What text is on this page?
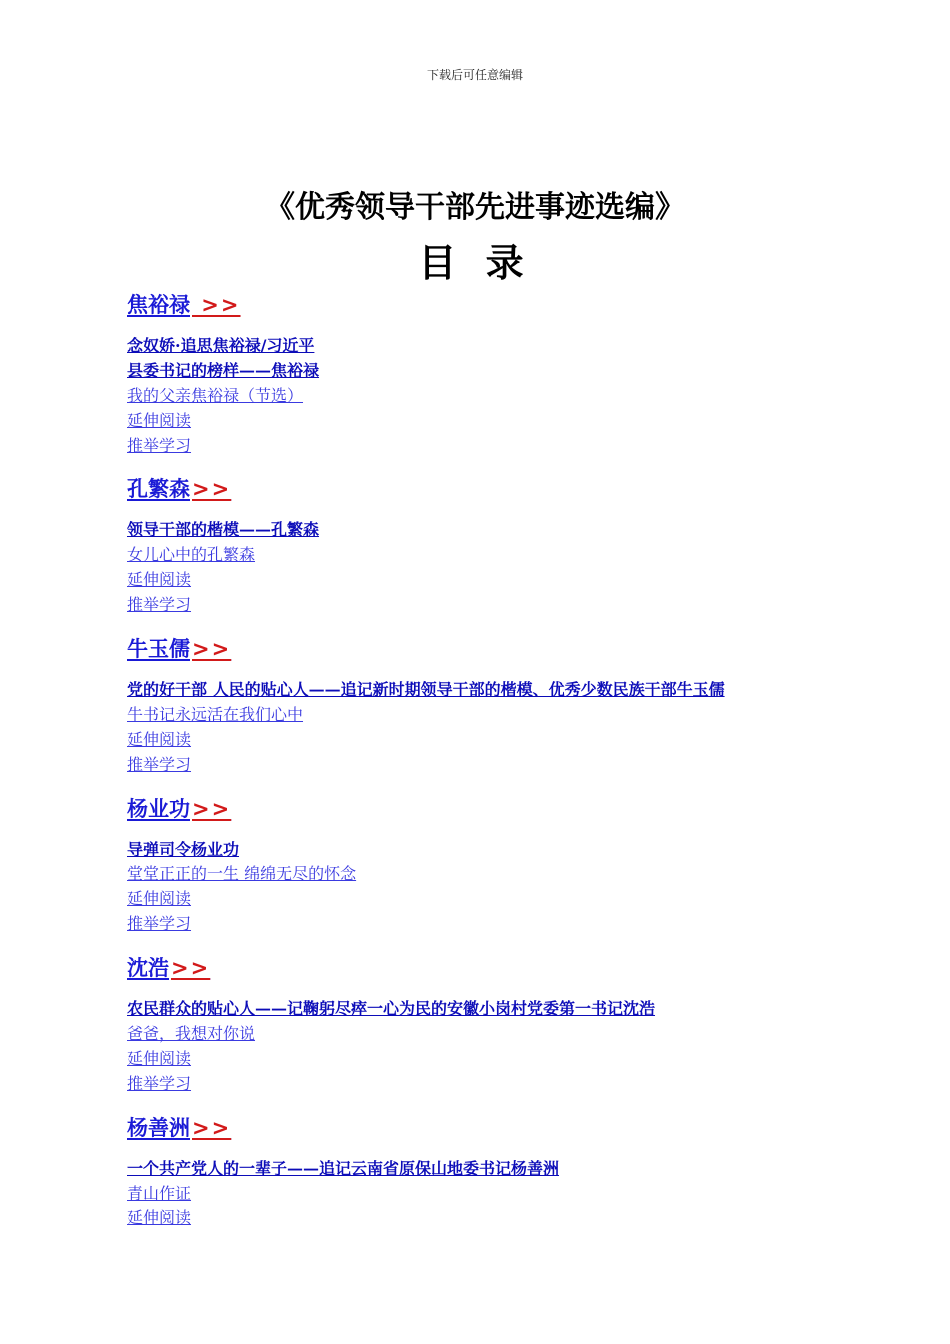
下载后可任意编辑
《优秀领导干部先进事迹选编》
目 录
焦裕禄 >>
念奴娇·追思焦裕禄/习近平
县委书记的榜样——焦裕禄
我的父亲焦裕禄（节选）
延伸阅读
推举学习
孔繁森>>
领导干部的楷模——孔繁森
女儿心中的孔繁森
延伸阅读
推举学习
牛玉儒>>
党的好干部 人民的贴心人——追记新时期领导干部的楷模、优秀少数民族干部牛玉儒
牛书记永远活在我们心中
延伸阅读
推举学习
杨业功>>
导弹司令杨业功
堂堂正正的一生 绵绵无尽的怀念
延伸阅读
推举学习
沈浩>>
农民群众的贴心人——记鞠躬尽瘁一心为民的安徽小岗村党委第一书记沈浩
爸爸，我想对你说
延伸阅读
推举学习
杨善洲>>
一个共产党人的一辈子——追记云南省原保山地委书记杨善洲
青山作证
延伸阅读
